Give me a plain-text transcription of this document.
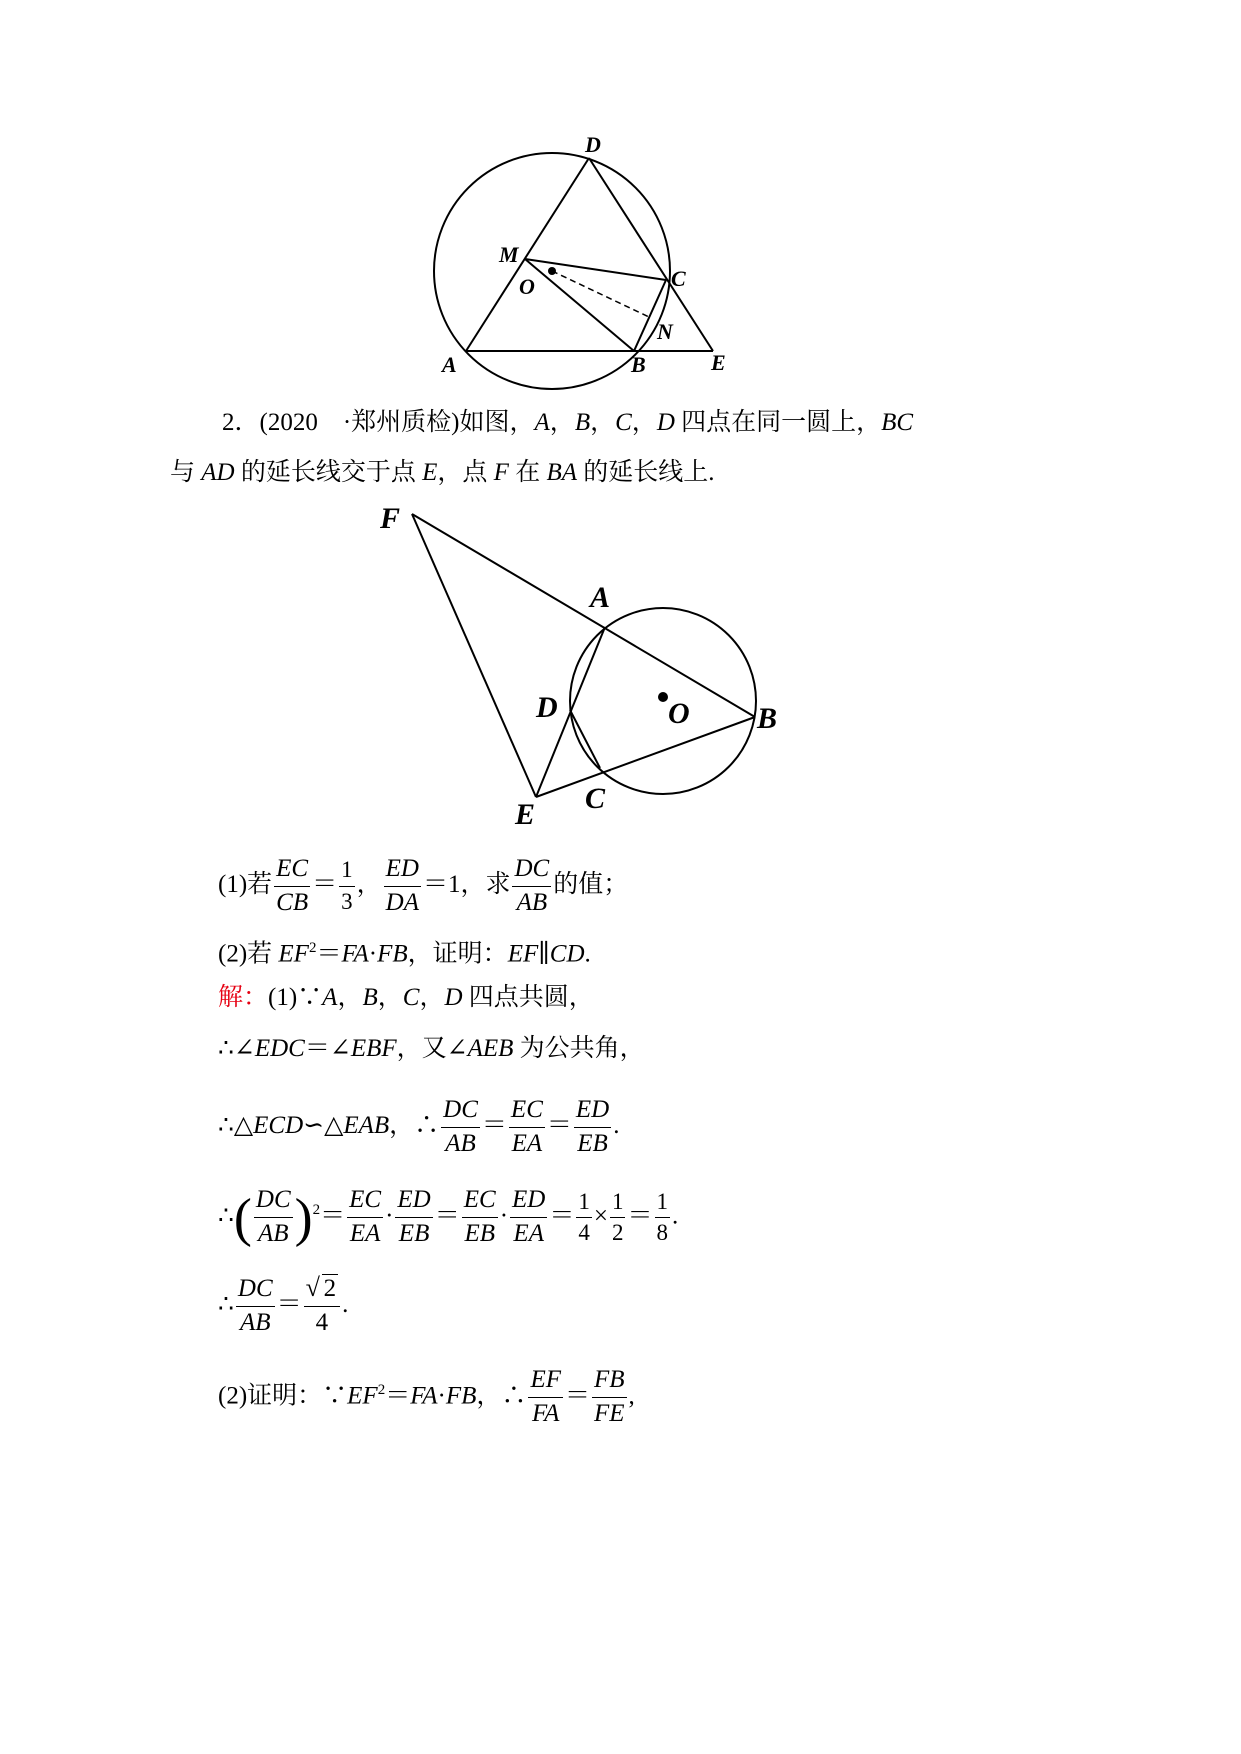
D
M
O	C
N
A	B	E
2．(2020 ·郑州质检)如图，A，B，C，D 四点在同一圆上，BC
与 AD 的延长线交于点 E，点 F 在 BA 的延长线上.
F
A
D	O B
E C
(1)若 $\frac{EC}{CB} = \frac{1}{3}$ ， $\frac{ED}{DA} =1$，求 $\frac{DC}{AB}$ 的值；
(2)若 $EF^2=FA\cdot FB$，证明：EF∥CD.
解：(1)∵A，B，C，D 四点共圆，
∴∠EDC＝∠EBF，又∠AEB 为公共角，
∴△ECD∽△EAB，∴ $\frac{DC}{AB} = \frac{EC}{EA} = \frac{ED}{EB}$ .
∴( $\frac{DC}{AB} )^2= \frac{EC}{EA} \cdot \frac{ED}{EB} = \frac{EC}{EB} \cdot \frac{ED}{EA} = \frac{1}{4} \times \frac{1}{2} = \frac{1}{8}$ .
∴ $\frac{DC}{AB} = \frac{√ 2}{4}$ .
(2)证明：$\because EF^2=FA\cdot FB$，∴ $\frac{EF}{FA} = \frac{FB}{FE}$ ,
